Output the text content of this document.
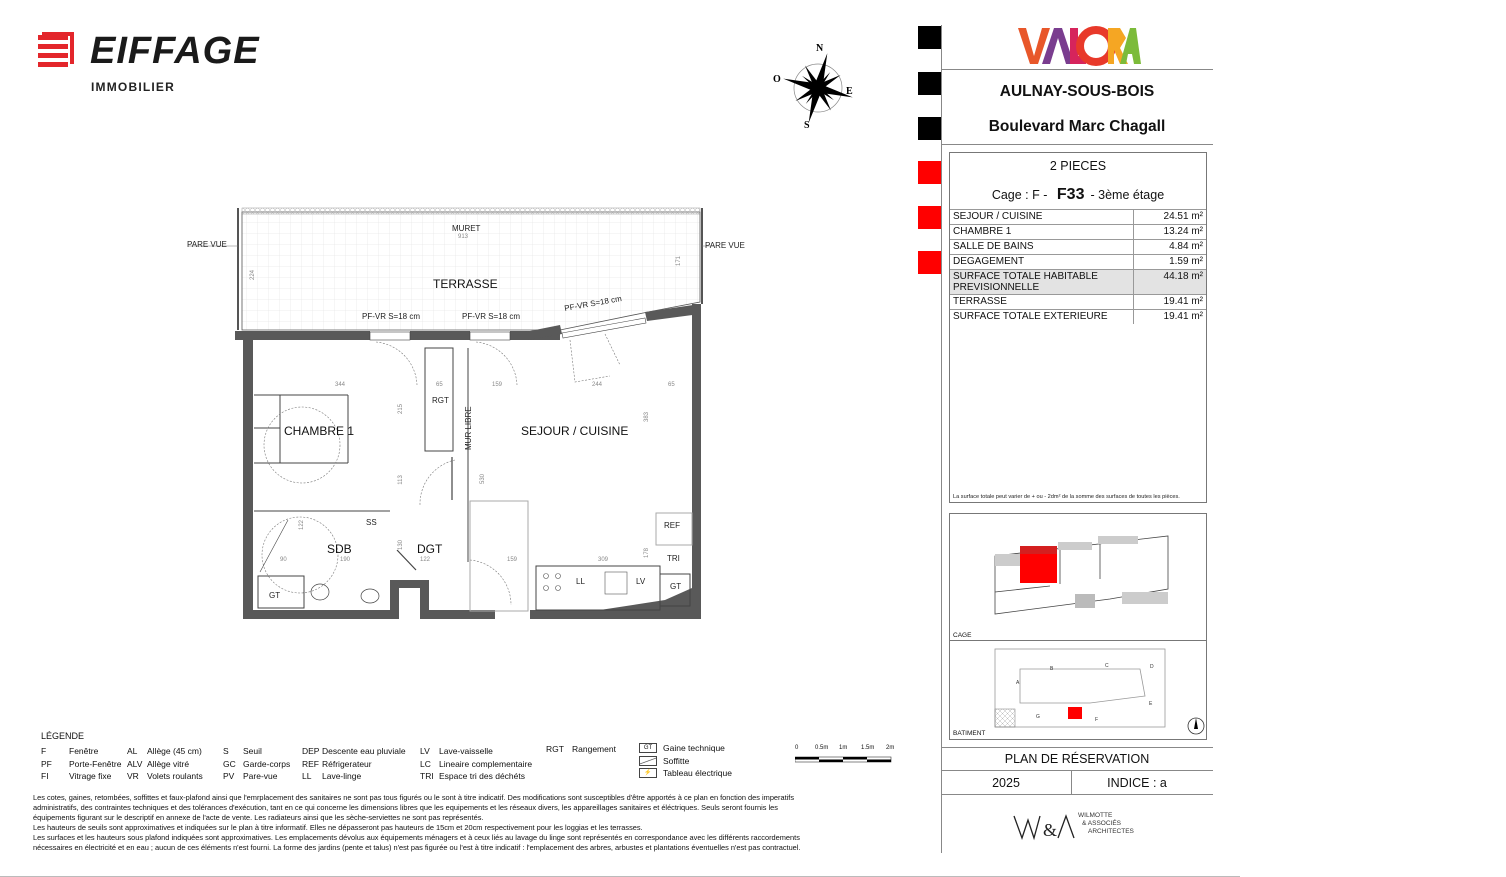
EIFFAGE
IMMOBILIER
N
S
E
O
PARE VUE	PARE VUE
MURET
913
224
171
TERRASSE
PF-VR S=18 cm	PF-VR S=18 cm
PF-VR S=18 cm
344	65	159	244	65
215
383
113	530
122
130
90	190	122	159	309
178
RGT
MUR LIBRE
CHAMBRE 1	SEJOUR / CUISINE
SS
SDB	DGT
REF
TRI
LL	LV
GT
GT
LÉGENDE
F	Fenêtre
PF	Porte-Fenêtre
FI	Vitrage fixe
AL	Allège (45 cm)
ALV Allège vitré
VR Volets roulants
S	Seuil
GC Garde-corps
PV	Pare-vue
DEP Descente eau pluviale
REF Réfrigerateur
LL	Lave-linge
LV	Lave-vaisselle
LC Lineaire complementaire
TRI Espace tri des déchéts
RGT Rangement	GT	Gaine technique
Soffitte
⚡	Tableau électrique
0	0.5m 1m 1.5m 2m

Les cotes, gaines, retombées, soffittes et faux-plafond ainsi que l'emrplacement des sanitaires ne sont pas tous figurés ou le sont à titre indicatif. Des modifications sont susceptibles d'être apportés à ce plan en fonction des imperatifs

administratifs, des contraintes techniques et des tolérances d'exécution, tant en ce qui concerne les dimensions libres que les equipements et les réseaux divers, les appareillages sanitaires et éléctriques. Seuls seront fournis les

équipements figurant sur le descriptif en annexe de l'acte de vente. Les radiateurs ainsi que les sèche-serviettes ne sont pas représentés.

Les hauteurs de seuils sont approximatives et indiquées sur le plan à titre informatif. Elles ne dépasseront pas hauteurs de 15cm et 20cm respectivement pour les loggias et les terrasses.

Les surfaces et les hauteurs sous plafond indiquées sont approximatives. Les emplacements dévolus aux équipements ménagers et à ceux liés au lavage du linge sont représentés en correspondance avec les différents raccordements

nécessaires en électricité et en eau ; aucun de ces éléments n'est fourni. La forme des jardins (pente et talus) n'est pas figurée ou l'est à titre indicatif : l'emplacement des arbres, arbustes et plantations éventuelles n'est pas contractuel.

AULNAY-SOUS-BOIS
Boulevard Marc Chagall
2 PIECES
Cage : F - F33 - 3ème étage
SEJOUR / CUISINE	24.51 m²
CHAMBRE 1	13.24 m²
SALLE DE BAINS	4.84 m²
DEGAGEMENT	1.59 m²
SURFACE TOTALE HABITABLE
PREVISIONNELLE	44.18 m²
TERRASSE	19.41 m²
SURFACE TOTALE EXTERIEURE	19.41 m²
La surface totale peut varier de + ou - 2dm² de la somme des surfaces de toutes les pièces.
CAGE
A
B	C	D
E
F
G
BATIMENT
PLAN DE RÉSERVATION
2025	INDICE : a
&
WILMOTTE
& ASSOCIÉS
ARCHITECTES
